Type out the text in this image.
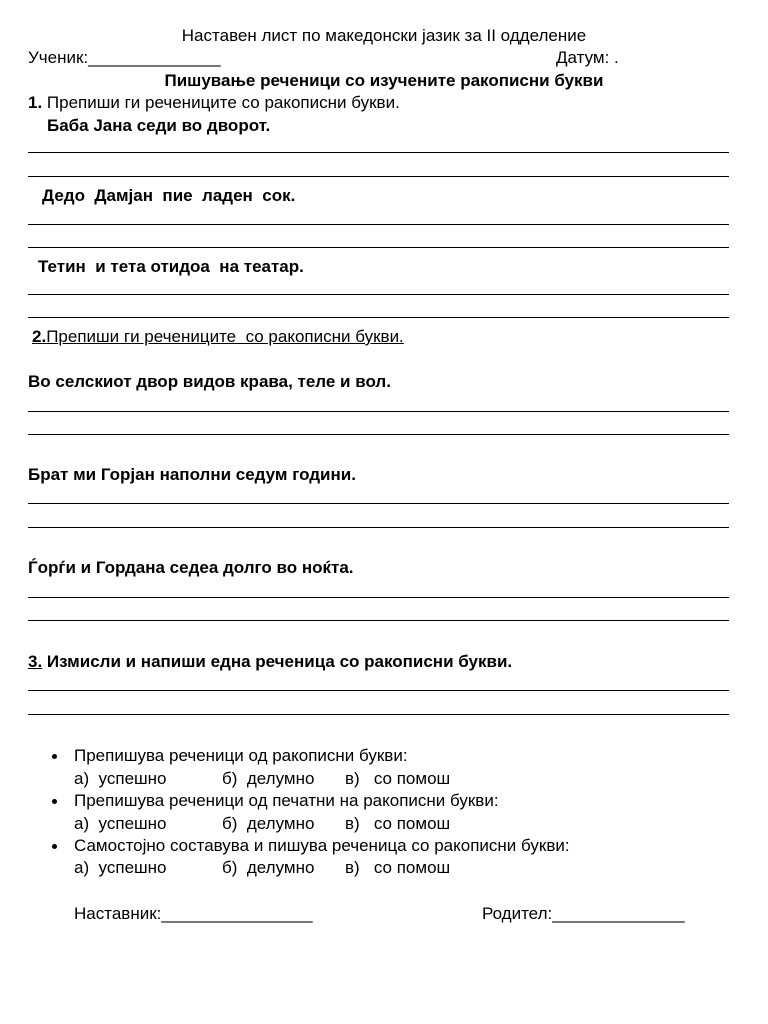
Наставен лист по македонски јазик за II одделение
Ученик:______________	Датум: .
Пишување реченици со изучените ракописни букви
1. Препиши ги речениците со ракописни букви.
Баба Јана седи во дворот.
Дедо  Дамјан  пие  ладен  сок.
Тетин  и тета отидоа  на театар.
2.Препиши ги речениците  со ракописни букви.
Во селскиот двор видов крава, теле и вол.
Брат ми Горјан наполни седум години.
Ѓорѓи и Гордана седеа долго во ноќта.
3. Измисли и напиши една реченица со ракописни букви.
Препишува реченици од ракописни букви:
а)  успешно	б)  делумно в)   со помош
Препишува реченици од печатни на ракописни букви:
а)  успешно	б)  делумно в)   со помош
Самостојно составува и пишува реченица со ракописни букви:
а)  успешно	б)  делумно в)   со помош
Наставник:________________	Родител:______________
